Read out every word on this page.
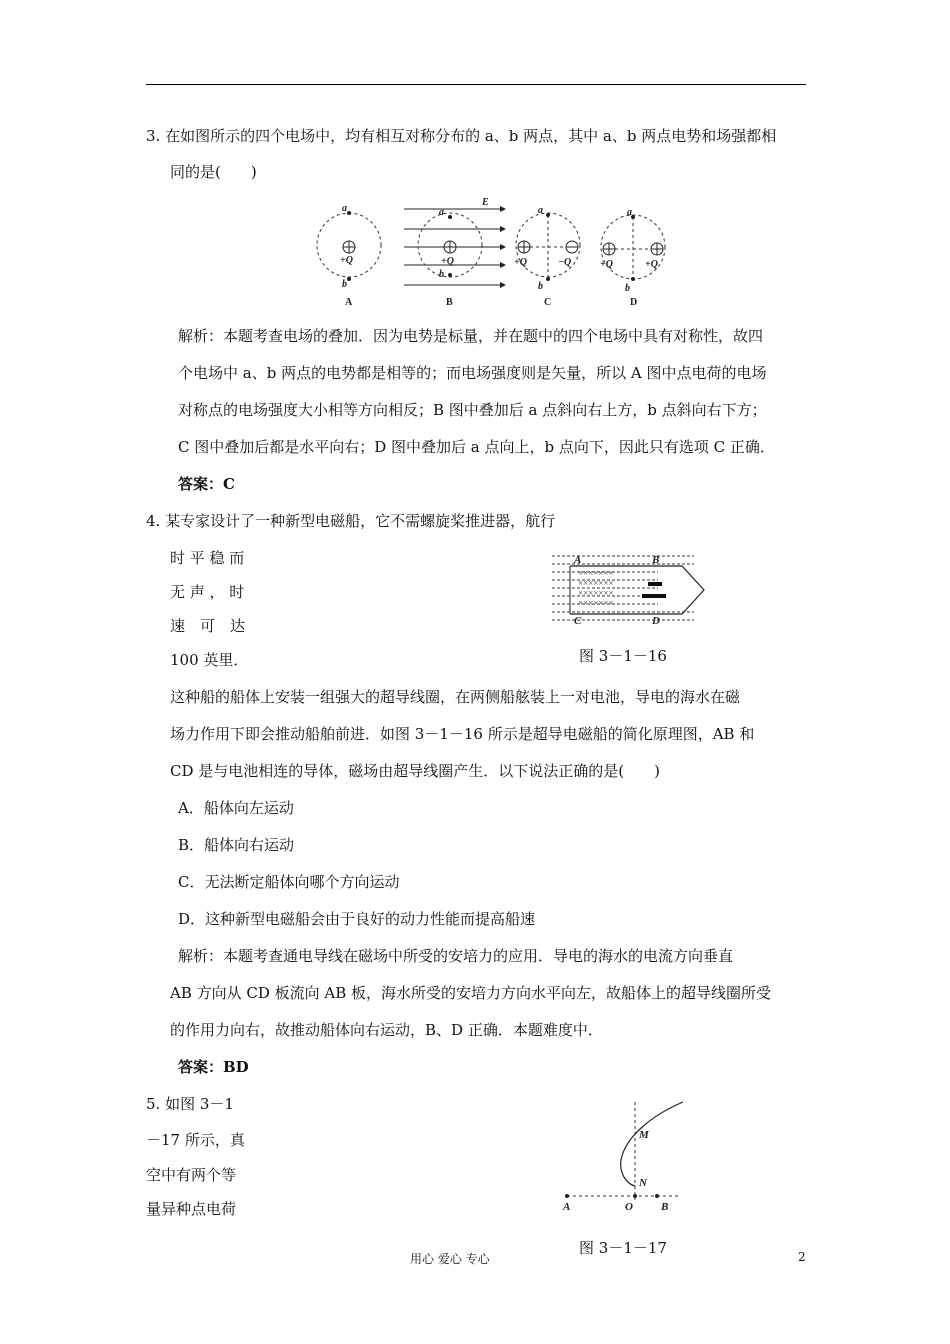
3. 在如图所示的四个电场中，均有相互对称分布的 a、b 两点，其中 a、b 两点电势和场强都相
同的是(　　)
a
b
+Q
A
E
a
b
+Q
B
a
b
+Q	−Q
C
a
b
+Q	+Q
D
解析：本题考查电场的叠加．因为电势是标量，并在题中的四个电场中具有对称性，故四
个电场中 a、b 两点的电势都是相等的；而电场强度则是矢量，所以 A 图中点电荷的电场
对称点的电场强度大小相等方向相反；B 图中叠加后 a 点斜向右上方，b 点斜向右下方；
C 图中叠加后都是水平向右；D 图中叠加后 a 点向上，b 点向下，因此只有选项 C 正确．
答案：C
4. 某专家设计了一种新型电磁船，它不需螺旋桨推进器，航行
时 平 稳 而
无 声 ， 时
速　可　达
100 英里．
×××××××
×××××××
×××××××
×××××××
A	B
C	D
图 3－1－16
这种船的船体上安装一组强大的超导线圈，在两侧船舷装上一对电池，导电的海水在磁
场力作用下即会推动船舶前进．如图 3－1－16 所示是超导电磁船的简化原理图，AB 和
CD 是与电池相连的导体，磁场由超导线圈产生．以下说法正确的是(　　)
A．船体向左运动
B．船体向右运动
C．无法断定船体向哪个方向运动
D．这种新型电磁船会由于良好的动力性能而提高船速
解析：本题考查通电导线在磁场中所受的安培力的应用．导电的海水的电流方向垂直
AB 方向从 CD 板流向 AB 板，海水所受的安培力方向水平向左，故船体上的超导线圈所受
的作用力向右，故推动船体向右运动，B、D 正确．本题难度中．
答案：BD
5. 如图 3－1
－17 所示，真
空中有两个等
量异种点电荷
M
N
A	O	B
图 3－1－17
用心 爱心 专心	2
